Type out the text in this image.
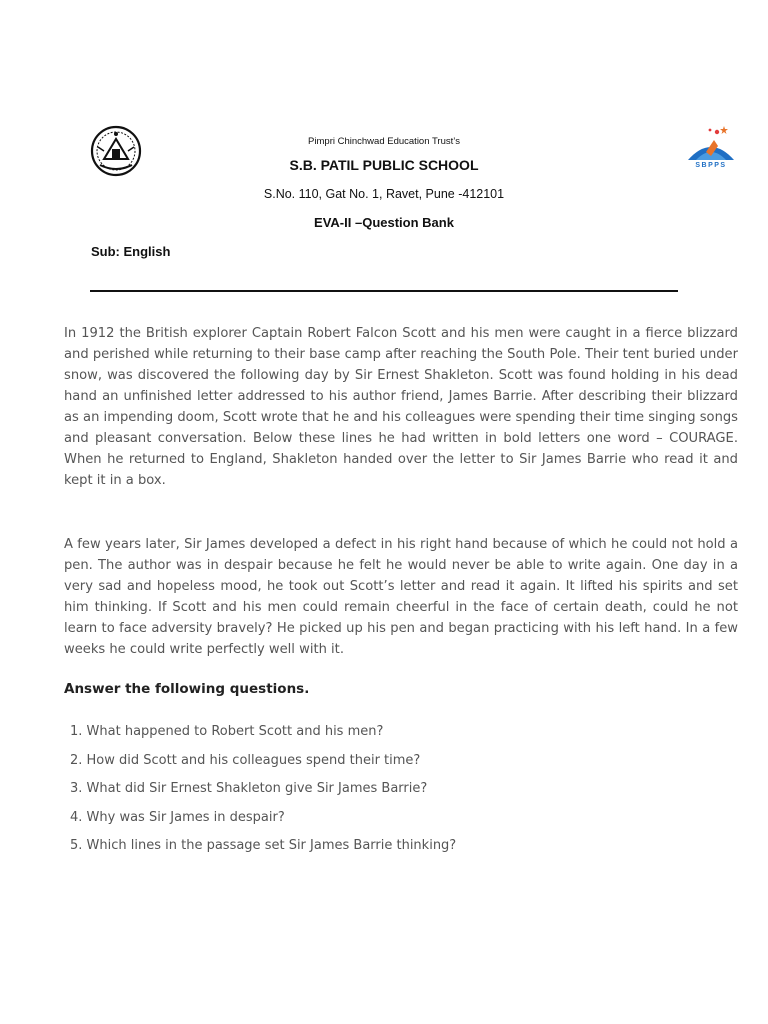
SBPPS
Pimpri Chinchwad Education Trust’s
S.B. PATIL PUBLIC SCHOOL
S.No. 110, Gat No. 1, Ravet, Pune -412101
EVA-II –Question Bank
Sub: English

In 1912 the British explorer Captain Robert Falcon Scott and his men were caught in a fierce blizzard and perished while returning to their base camp after reaching the South Pole. Their tent buried under snow, was discovered the following day by Sir Ernest Shakleton. Scott was found holding in his dead hand an unfinished letter addressed to his author friend, James Barrie. After describing their blizzard as an impending doom, Scott wrote that he and his colleagues were spending their time singing songs and pleasant conversation. Below these lines he had written in bold letters one word – COURAGE. When he returned to England, Shakleton handed over the letter to Sir James Barrie who read it and kept it in a box.

A few years later, Sir James developed a defect in his right hand because of which he could not hold a pen. The author was in despair because he felt he would never be able to write again. One day in a very sad and hopeless mood, he took out Scott’s letter and read it again. It lifted his spirits and set him thinking. If Scott and his men could remain cheerful in the face of certain death, could he not learn to face adversity bravely? He picked up his pen and began practicing with his left hand. In a few weeks he could write perfectly well with it.

Answer the following questions.
1. What happened to Robert Scott and his men?
2. How did Scott and his colleagues spend their time?
3. What did Sir Ernest Shakleton give Sir James Barrie?
4. Why was Sir James in despair?
5. Which lines in the passage set Sir James Barrie thinking?
